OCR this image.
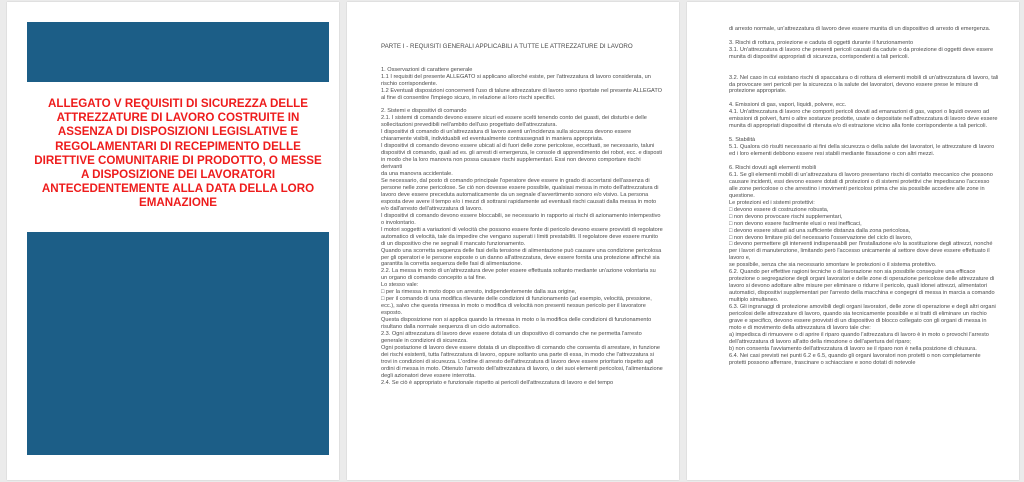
ALLEGATO V REQUISITI DI SICUREZZA DELLE ATTREZZATURE DI LAVORO COSTRUITE IN ASSENZA DI DISPOSIZIONI LEGISLATIVE E REGOLAMENTARI DI RECEPIMENTO DELLE DIRETTIVE COMUNITARIE DI PRODOTTO, O MESSE A DISPOSIZIONE DEI LAVORATORI ANTECEDENTEMENTE ALLA DATA DELLA LORO EMANAZIONE

PARTE I - REQUISITI GENERALI APPLICABILI A TUTTE LE ATTREZZATURE DI LAVORO

1. Osservazioni di carattere generale
1.1 I requisiti del presente ALLEGATO si applicano allorché esiste, per l'attrezzatura di lavoro considerata, un rischio corrispondente.
1.2 Eventuali disposizioni concernenti l'uso di talune attrezzature di lavoro sono riportate nel presente ALLEGATO
al fine di consentire l'impiego sicuro, in relazione ai loro rischi specifici.

2. Sistemi e dispositivi di comando
2.1. I sistemi di comando devono essere sicuri ed essere scelti tenendo conto dei guasti, dei disturbi e delle sollecitazioni prevedibili nell'ambito dell'uso progettato dell'attrezzatura.
I dispositivi di comando di un'attrezzatura di lavoro aventi un'incidenza sulla sicurezza devono essere chiaramente visibili, individuabili ed eventualmente contrassegnati in maniera appropriata.
I dispositivi di comando devono essere ubicati al di fuori delle zone pericolose, eccettuati, se necessario, taluni dispositivi di comando, quali ad es. gli arresti di emergenza, le console di apprendimento dei robot, ecc. e disposti in modo che la loro manovra non possa causare rischi supplementari. Essi non devono comportare rischi derivanti
da una manovra accidentale.
Se necessario, dal posto di comando principale l'operatore deve essere in grado di accertarsi dell'assenza di persone nelle zone pericolose. Se ciò non dovesse essere possibile, qualsiasi messa in moto dell'attrezzatura di lavoro deve essere preceduta automaticamente da un segnale d'avvertimento sonoro e/o visivo. La persona esposta deve avere il tempo e/o i mezzi di sottrarsi rapidamente ad eventuali rischi causati dalla messa in moto e/o dall'arresto dell'attrezzatura di lavoro.
I dispositivi di comando devono essere bloccabili, se necessario in rapporto ai rischi di azionamento intempestivo o involontario.
I motori soggetti a variazioni di velocità che possono essere fonte di pericolo devono essere provvisti di regolatore automatico di velocità, tale da impedire che vengano superati i limiti prestabiliti. Il regolatore deve essere munito di un dispositivo che ne segnali il mancato funzionamento.
Quando una scorretta sequenza delle fasi della tensione di alimentazione può causare una condizione pericolosa
per gli operatori e le persone esposte o un danno all'attrezzatura, deve essere fornita una protezione affinché sia garantita la corretta sequenza delle fasi di alimentazione.
2.2. La messa in moto di un'attrezzatura deve poter essere effettuata soltanto mediante un'azione volontaria su un organo di comando concepito a tal fine.
Lo stesso vale:
□ per la rimessa in moto dopo un arresto, indipendentemente dalla sua origine,
□ per il comando di una modifica rilevante delle condizioni di funzionamento (ad esempio, velocità, pressione, ecc.), salvo che questa rimessa in moto o modifica di velocità non presenti nessun pericolo per il lavoratore esposto.
Questa disposizione non si applica quando la rimessa in moto o la modifica delle condizioni di funzionamento risultano dalla normale sequenza di un ciclo automatico.
2.3. Ogni attrezzatura di lavoro deve essere dotata di un dispositivo di comando che ne permetta l'arresto generale in condizioni di sicurezza.
Ogni postazione di lavoro deve essere dotata di un dispositivo di comando che consenta di arrestare, in funzione dei rischi esistenti, tutta l'attrezzatura di lavoro, oppure soltanto una parte di essa, in modo che l'attrezzatura si trovi in condizioni di sicurezza. L'ordine di arresto dell'attrezzatura di lavoro deve essere prioritario rispetto agli ordini di messa in moto. Ottenuto l'arresto dell'attrezzatura di lavoro, o dei suoi elementi pericolosi, l'alimentazione degli azionatori deve essere interrotta.
2.4. Se ciò è appropriato e funzionale rispetto ai pericoli dell'attrezzatura di lavoro e del tempo

di arresto normale, un'attrezzatura di lavoro deve essere munita di un dispositivo di arresto di emergenza.

3. Rischi di rottura, proiezione e caduta di oggetti durante il funzionamento
3.1. Un'attrezzatura di lavoro che presenti pericoli causati da cadute o da proiezione di oggetti deve essere munita di dispositivi appropriati di sicurezza, corrispondenti a tali pericoli.

3.2. Nel caso in cui esistano rischi di spaccatura o di rottura di elementi mobili di un'attrezzatura di lavoro, tali da provocare seri pericoli per la sicurezza o la salute dei lavoratori, devono essere prese le misure di protezione appropriate.

4. Emissioni di gas, vapori, liquidi, polvere, ecc.
4.1. Un'attrezzatura di lavoro che comporti pericoli dovuti ad emanazioni di gas, vapori o liquidi ovvero ad emissioni di polveri, fumi o altre sostanze prodotte, usate o depositate nell'attrezzatura di lavoro deve essere munita di appropriati dispositivi di ritenuta e/o di estrazione vicino alla fonte corrispondente a tali pericoli.

5. Stabilità
5.1. Qualora ciò risulti necessario ai fini della sicurezza o della salute dei lavoratori, le attrezzature di lavoro ed i loro elementi debbono essere resi stabili mediante fissazione o con altri mezzi.

6. Rischi dovuti agli elementi mobili
6.1. Se gli elementi mobili di un'attrezzatura di lavoro presentano rischi di contatto meccanico che possono causare incidenti, essi devono essere dotati di protezioni o di sistemi protettivi che impediscano l'accesso alle zone pericolose o che arrestino i movimenti pericolosi prima che sia possibile accedere alle zone in questione.
Le protezioni ed i sistemi protettivi:
□ devono essere di costruzione robusta,
□ non devono provocare rischi supplementari,
□ non devono essere facilmente elusi o resi inefficaci,
□ devono essere situati ad una sufficiente distanza dalla zona pericolosa,
□ non devono limitare più del necessario l'osservazione del ciclo di lavoro,
□ devono permettere gli interventi indispensabili per l'installazione e/o la sostituzione degli attrezzi, nonché per i lavori di manutenzione, limitando però l'accesso unicamente al settore dove deve essere effettuato il lavoro e,
se possibile, senza che sia necessario smontare le protezioni o il sistema protettivo.
6.2. Quando per effettive ragioni tecniche o di lavorazione non sia possibile conseguire una efficace protezione o segregazione degli organi lavoratori e delle zone di operazione pericolose delle attrezzature di lavoro si devono adottare altre misure per eliminare o ridurre il pericolo, quali idonei attrezzi, alimentatori automatici, dispositivi supplementari per l'arresto della macchina e congegni di messa in marcia a comando multiplo simultaneo.
6.3. Gli ingranaggi di protezione amovibili degli organi lavoratori, delle zone di operazione e degli altri organi pericolosi delle attrezzature di lavoro, quando sia tecnicamente possibile e si tratti di eliminare un rischio grave e specifico, devono essere provvisti di un dispositivo di blocco collegato con gli organi di messa in moto e di movimento della attrezzatura di lavoro tale che:
a) impedisca di rimuovere o di aprire il riparo quando l'attrezzatura di lavoro è in moto o provochi l'arresto dell'attrezzatura di lavoro all'atto della rimozione o dell'apertura del riparo;
b) non consenta l'avviamento dell'attrezzatura di lavoro se il riparo non è nella posizione di chiusura.
6.4. Nei casi previsti nei punti 6.2 e 6.5, quando gli organi lavoratori non protetti o non completamente protetti possono afferrare, trascinare o schiacciare e sono dotati di notevole
